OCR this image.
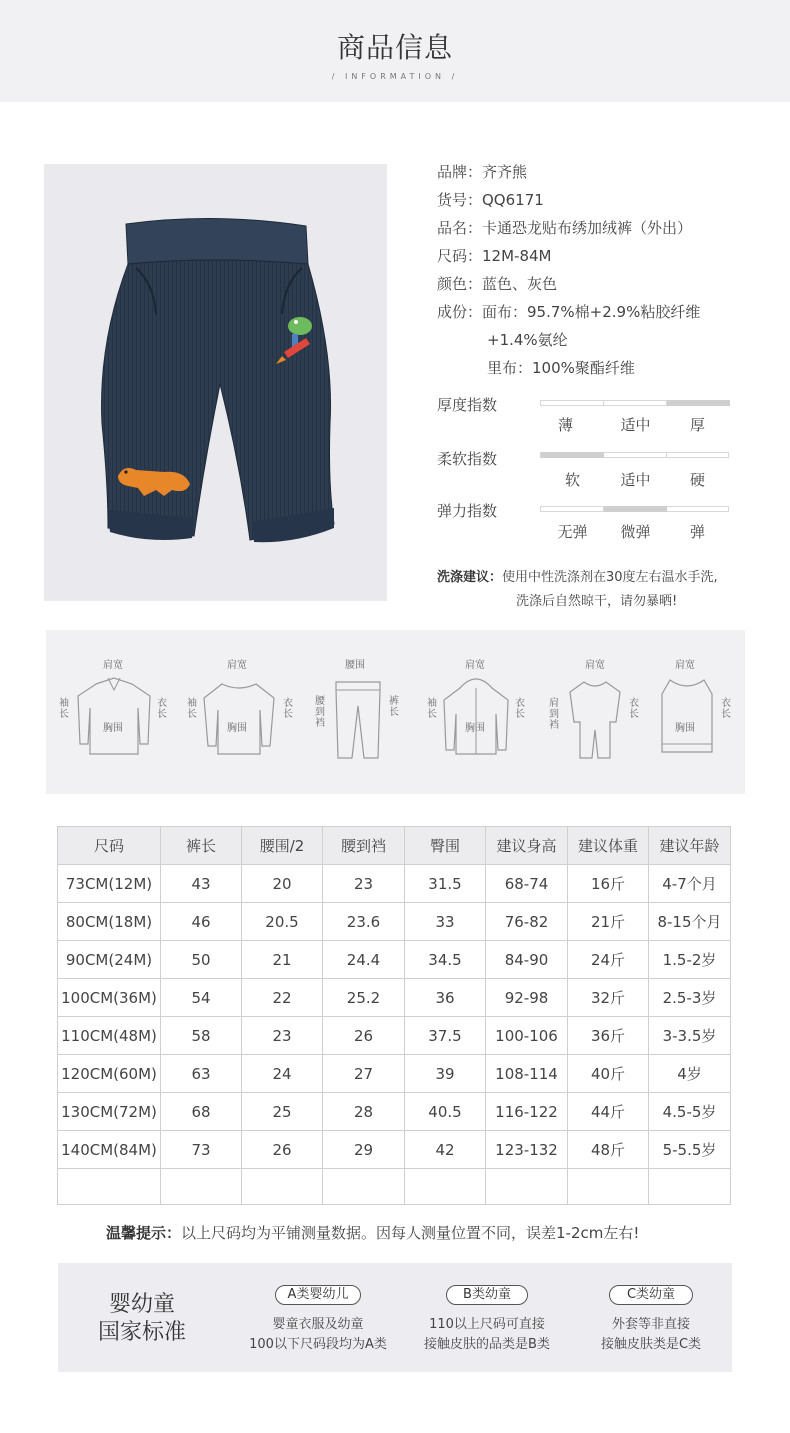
商品信息
/ INFORMATION /
品牌：齐齐熊
货号：QQ6171
品名：卡通恐龙贴布绣加绒裤（外出）
尺码：12M-84M
颜色：蓝色、灰色
成份：面布：95.7%棉+2.9%粘胶纤维
+1.4%氨纶
里布：100%聚酯纤维
厚度指数
薄	适中	厚
柔软指数
软	适中	硬
弹力指数
无弹	微弹	弹
洗涤建议：使用中性洗涤剂在30度左右温水手洗,
洗涤后自然晾干，请勿暴晒!
肩宽
袖长
衣长
胸围
肩宽
袖长
衣长
胸围
腰围
腰到裆
裤长
肩宽
袖长
衣长
胸围
肩宽
肩到裆
衣长
肩宽
衣长
胸围
尺码	裤长	腰围/2	腰到裆	臀围	建议身高	建议体重	建议年龄
73CM(12M)	43	20	23	31.5	68-74	16斤	4-7个月
80CM(18M)	46	20.5	23.6	33	76-82	21斤	8-15个月
90CM(24M)	50	21	24.4	34.5	84-90	24斤	1.5-2岁
100CM(36M)	54	22	25.2	36	92-98	32斤	2.5-3岁
110CM(48M)	58	23	26	37.5	100-106	36斤	3-3.5岁
120CM(60M)	63	24	27	39	108-114	40斤	4岁
130CM(72M)	68	25	28	40.5	116-122	44斤	4.5-5岁
140CM(84M)	73	26	29	42	123-132	48斤	5-5.5岁

温馨提示：以上尺码均为平铺测量数据。因每人测量位置不同，误差1-2cm左右!
婴幼童
国家标准
A类婴幼儿
婴童衣服及幼童
100以下尺码段均为A类
B类幼童
110以上尺码可直接
接触皮肤的品类是B类
C类幼童
外套等非直接
接触皮肤类是C类
